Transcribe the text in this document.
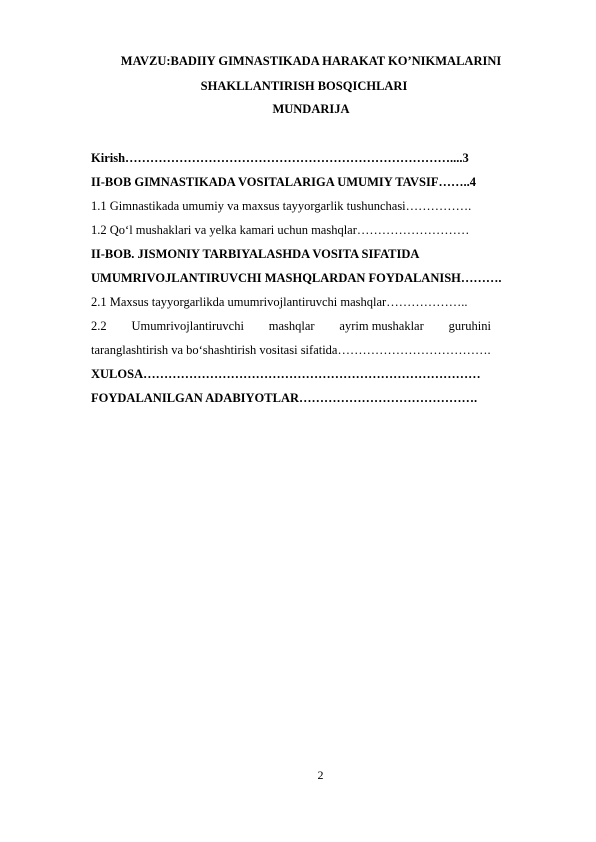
MAVZU:BADIIY GIMNASTIKADA HARAKAT KO’NIKMALARINI
SHAKLLANTIRISH BOSQICHLARI
MUNDARIJA
Kirish……………………………………………………………………....3
II-BOB GIMNASTIKADA VOSITALARIGA UMUMIY TAVSIF……..4
1.1 Gimnastikada umumiy va maxsus tayyorgarlik tushunchasi…………….
1.2 Qo‘l mushaklari va yelka kamari uchun mashqlar………………………
II-BOB. JISMONIY TARBIYALASHDA VOSITA SIFATIDA
UMUMRIVOJLANTIRUVCHI MASHQLARDAN FOYDALANISH……….
2.1 Maxsus tayyorgarlikda umumrivojlantiruvchi mashqlar………………..
2.2 Umumrivojlantiruvchi mashqlar ayrim mushaklar guruhini
taranglashtirish va bo‘shashtirish vositasi sifatida……………………………….
XULOSA………………………………………………………………………
FOYDALANILGAN ADABIYOTLAR…………………………………….
2
